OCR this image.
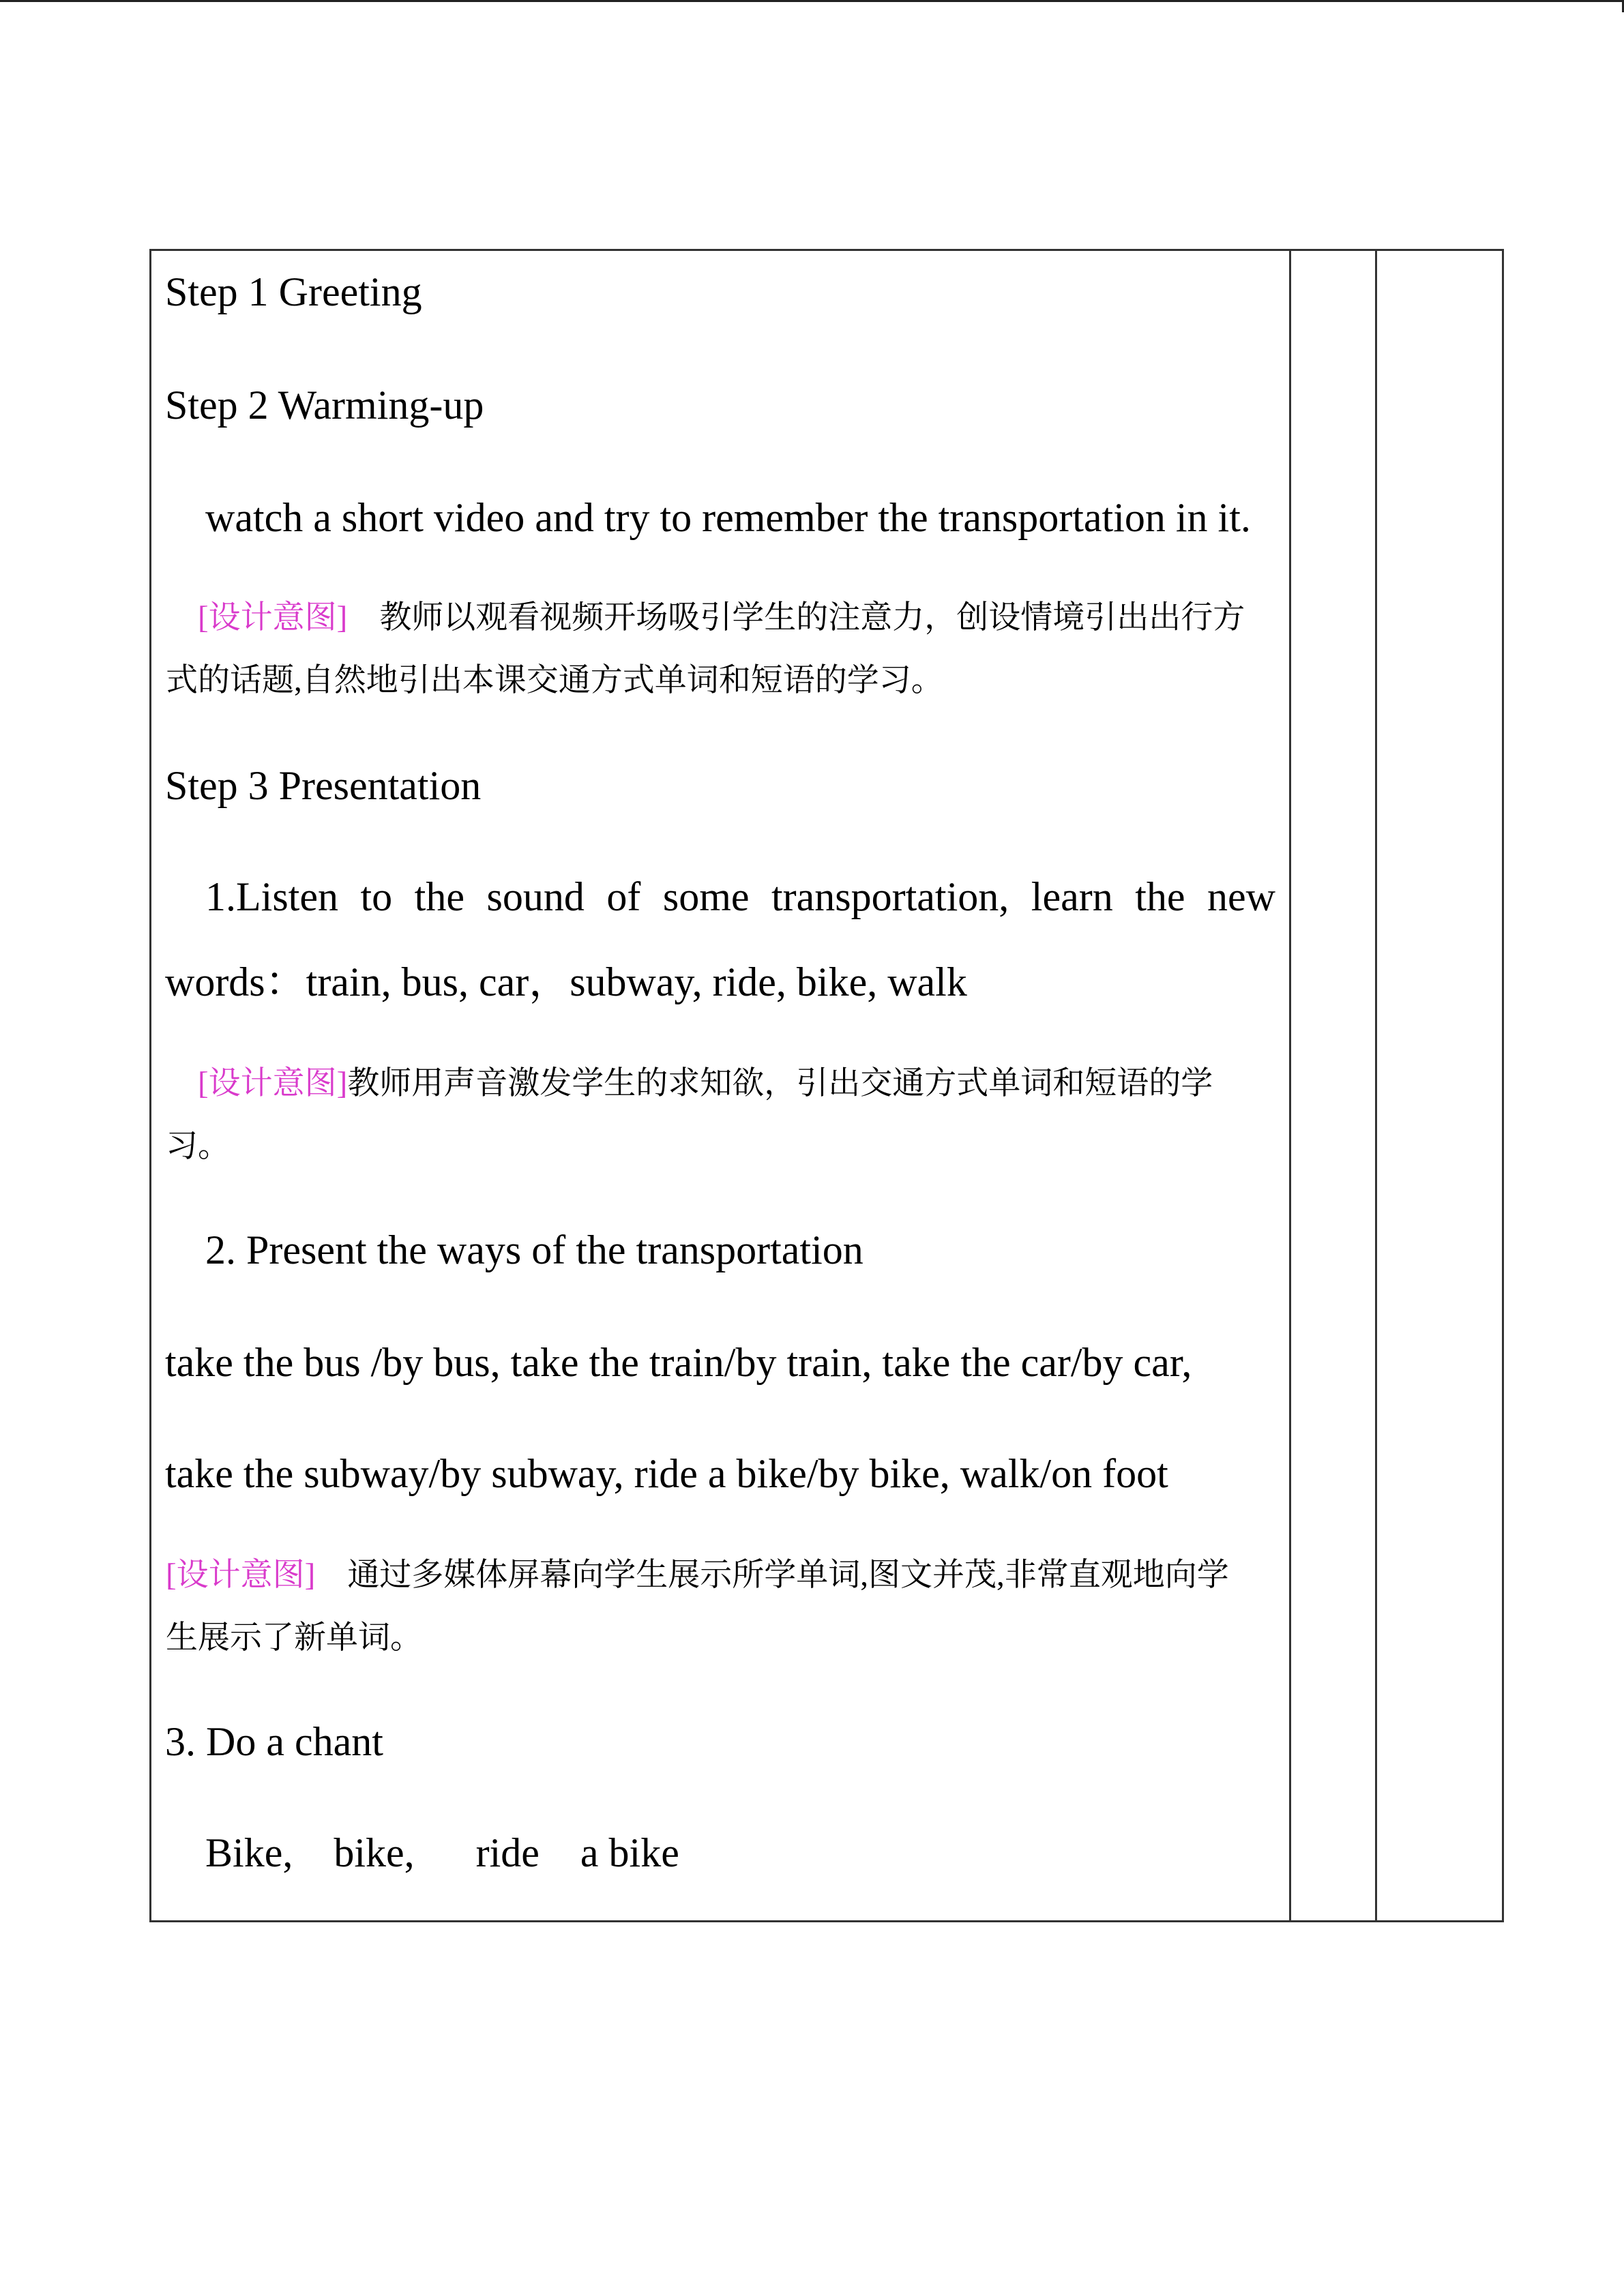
Step 1 Greeting
Step 2 Warming-up
watch a short video and try to remember the transportation in it.
[设计意图] 教师以观看视频开场吸引学生的注意力，创设情境引出出行方
式的话题,自然地引出本课交通方式单词和短语的学习。
Step 3 Presentation
1.Listen to the sound of some transportation, learn the new
words：train, bus, car，subway, ride, bike, walk
[设计意图]教师用声音激发学生的求知欲，引出交通方式单词和短语的学
习。
2. Present the ways of the transportation
take the bus /by bus, take the train/by train, take the car/by car,
take the subway/by subway, ride a bike/by bike, walk/on foot
[设计意图] 通过多媒体屏幕向学生展示所学单词,图文并茂,非常直观地向学
生展示了新单词。
3. Do a chant
Bike,    bike,      ride    a bike
